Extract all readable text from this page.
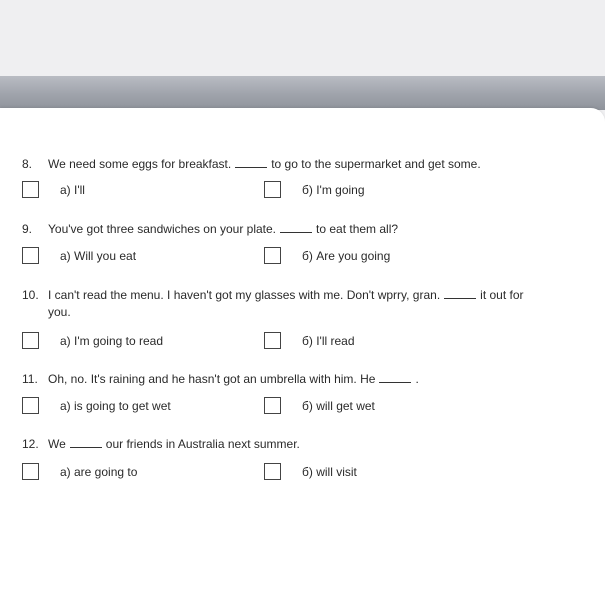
8. We need some eggs for breakfast.	to go to the supermarket and get some.
a) I'll	б) I'm going
9. You've got three sandwiches on your plate.	to eat them all?
a) Will you eat	б) Are you going
10. I can't read the menu. I haven't got my glasses with me. Don't wprry, gran.	it out for you.
a) I'm going to read	б) I'll read
11. Oh, no. It's raining and he hasn't got an umbrella with him. He	.
a) is going to get wet	б) will get wet
12. We	our friends in Australia next summer.
a) are going to	б) will visit
